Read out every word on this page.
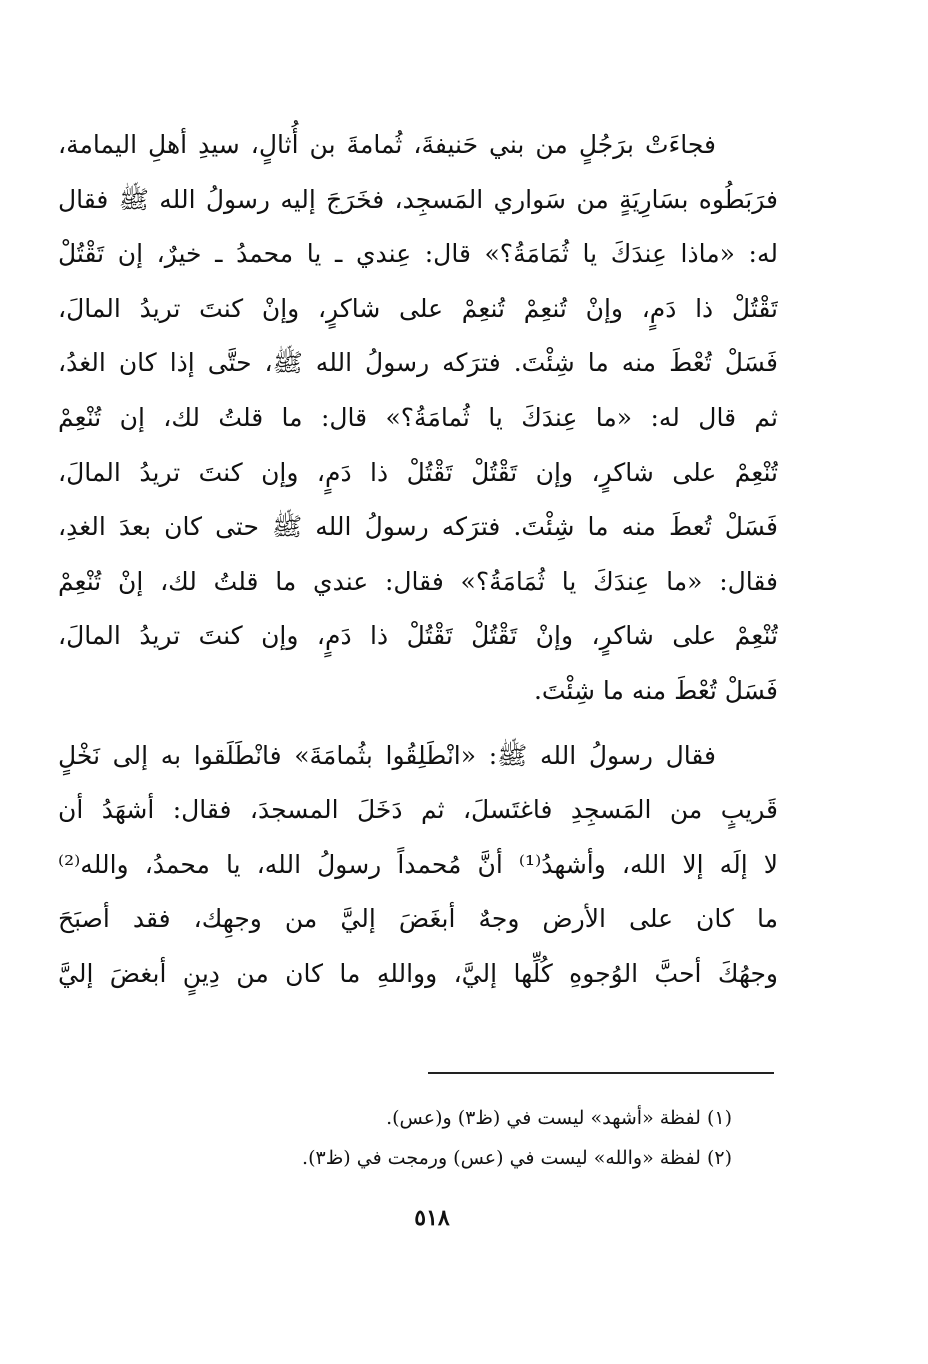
فجاءَتْ برَجُلٍ من بني حَنيفةَ، ثُمامةَ بن أُثالٍ، سيدِ أهلِ اليمامة،
فرَبَطُوه بسَارِيَةٍ من سَواري المَسجِد، فخَرَجَ إليه رسولُ الله ﷺ فقال
له: «ماذا عِندَكَ يا ثُمَامَةُ؟» قال: عِندي ـ يا محمدُ ـ خيرٌ، إن تَقْتُلْ
تَقْتُلْ ذا دَمٍ، وإنْ تُنعِمْ تُنعِمْ على شاكرٍ، وإنْ كنتَ تريدُ المالَ،
فَسَلْ تُعْطَ منه ما شِئْتَ. فترَكه رسولُ الله ﷺ، حتَّى إذا كان الغدُ،
ثم قال له: «ما عِندَكَ يا ثُمامَةُ؟» قال: ما قلتُ لك، إن تُنْعِمْ
تُنْعِمْ على شاكرٍ، وإن تَقْتُلْ تَقْتُلْ ذا دَمٍ، وإن كنتَ تريدُ المالَ،
فَسَلْ تُعطَ منه ما شِئْتَ. فترَكه رسولُ الله ﷺ حتى كان بعدَ الغدِ،
فقال: «ما عِندَكَ يا ثُمَامَةُ؟» فقال: عندي ما قلتُ لك، إنْ تُنْعِمْ
تُنْعِمْ على شاكرٍ، وإنْ تَقْتُلْ تَقْتُلْ ذا دَمٍ، وإن كنتَ تريدُ المالَ،
فَسَلْ تُعْطَ منه ما شِئْتَ.
فقال رسولُ الله ﷺ: «انْطَلِقُوا بثُمامَةَ» فانْطَلَقوا به إلى نَخْلٍ
قَريبٍ من المَسجِدِ فاغتَسلَ، ثم دَخَلَ المسجدَ، فقال: أشهَدُ أن
لا إلَه إلا الله، وأشهدُ⁽¹⁾ أنَّ مُحمداً رسولُ الله، يا محمدُ، والله⁽²⁾
ما كان على الأرض وجهٌ أبغَضَ إليَّ من وجهِك، فقد أصبَحَ
وجهُكَ أحبَّ الوُجوهِ كُلِّها إليَّ، وواللهِ ما كان من دِينٍ أبغضَ إليَّ
(١) لفظة «أشهد» ليست في (ظ٣) و(عس).
(٢) لفظة «والله» ليست في (عس) ورمجت في (ظ٣).
٥١٨
